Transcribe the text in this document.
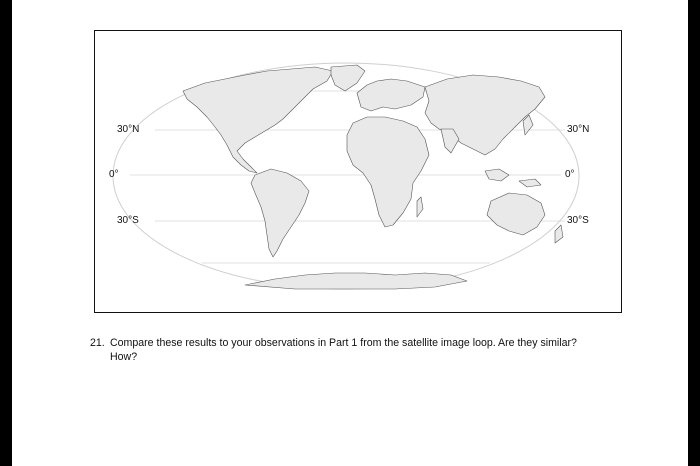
30°N
0°
30°S
30°N
0°
30°S
21. Compare these results to your observations in Part 1 from the satellite image loop. Are they similar?
How?
